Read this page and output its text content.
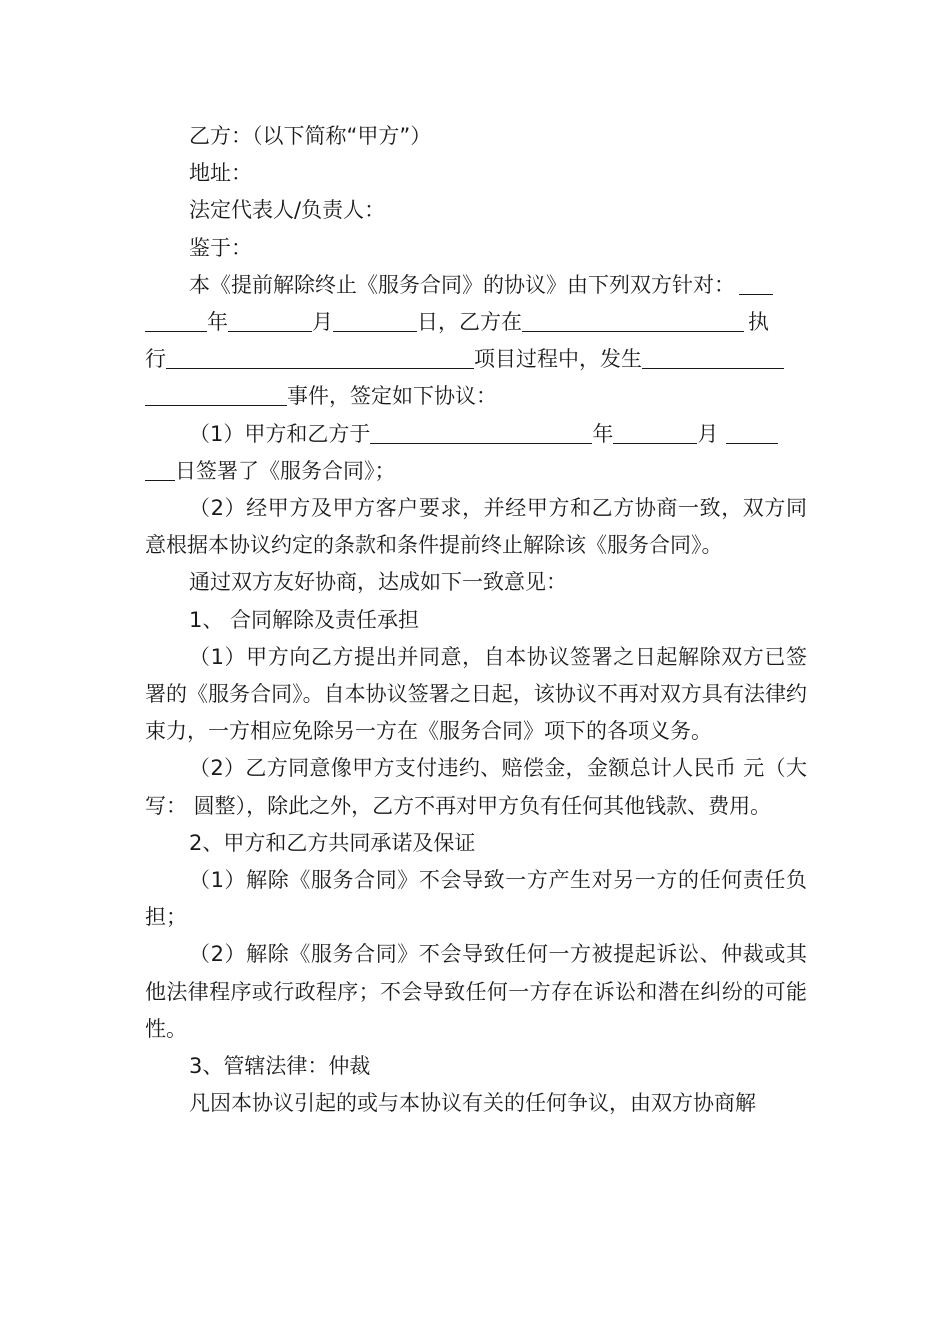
乙方：（以下简称“甲方”）

地址：

法定代表人/负责人：

鉴于：

本《提前解除终止《服务合同》的协议》由下列双方针对：
年	月	日，乙方在	执
行	项目过程中，发生
事件，签定如下协议：
（1）甲方和乙方于	年	月
日签署了《服务合同》；

（2）经甲方及甲方客户要求，并经甲方和乙方协商一致，双方同意根据本协议约定的条款和条件提前终止解除该《服务合同》。

通过双方友好协商，达成如下一致意见：

1、 合同解除及责任承担

（1）甲方向乙方提出并同意，自本协议签署之日起解除双方已签署的《服务合同》。自本协议签署之日起，该协议不再对双方具有法律约束力，一方相应免除另一方在《服务合同》项下的各项义务。

（2）乙方同意像甲方支付违约、赔偿金，金额总计人民币 元（大写： 圆整），除此之外，乙方不再对甲方负有任何其他钱款、费用。

2、甲方和乙方共同承诺及保证

（1）解除《服务合同》不会导致一方产生对另一方的任何责任负担；

（2）解除《服务合同》不会导致任何一方被提起诉讼、仲裁或其他法律程序或行政程序；不会导致任何一方存在诉讼和潜在纠纷的可能性。

3、管辖法律：仲裁

凡因本协议引起的或与本协议有关的任何争议，由双方协商解
